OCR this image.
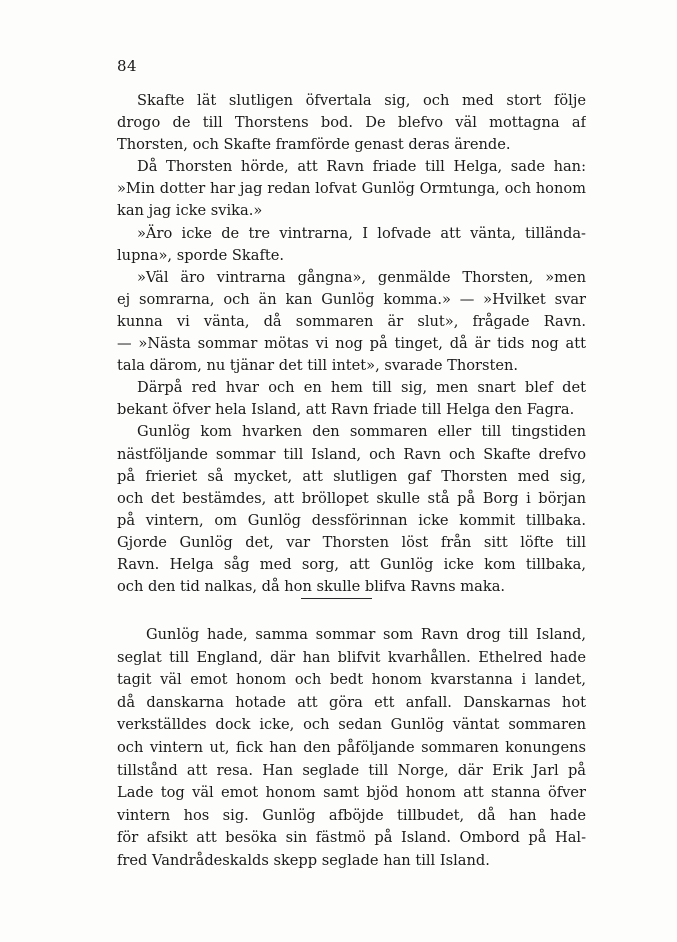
84
Skafte lät slutligen öfvertala sig, och med stort följe
drogo de till Thorstens bod. De blefvo väl mottagna af
Thorsten, och Skafte framförde genast deras ärende.
Då Thorsten hörde, att Ravn friade till Helga, sade han:
»Min dotter har jag redan lofvat Gunlög Ormtunga, och honom
kan jag icke svika.»
»Äro icke de tre vintrarna, I lofvade att vänta, tillända-
lupna», sporde Skafte.
»Väl äro vintrarna gångna», genmälde Thorsten, »men
ej somrarna, och än kan Gunlög komma.» — »Hvilket svar
kunna vi vänta, då sommaren är slut», frågade Ravn.
— »Nästa sommar mötas vi nog på tinget, då är tids nog att
tala därom, nu tjänar det till intet», svarade Thorsten.
Därpå red hvar och en hem till sig, men snart blef det
bekant öfver hela Island, att Ravn friade till Helga den Fagra.
Gunlög kom hvarken den sommaren eller till tingstiden
nästföljande sommar till Island, och Ravn och Skafte drefvo
på frieriet så mycket, att slutligen gaf Thorsten med sig,
och det bestämdes, att bröllopet skulle stå på Borg i början
på vintern, om Gunlög dessförinnan icke kommit tillbaka.
Gjorde Gunlög det, var Thorsten löst från sitt löfte till
Ravn. Helga såg med sorg, att Gunlög icke kom tillbaka,
och den tid nalkas, då hon skulle blifva Ravns maka.
Gunlög hade, samma sommar som Ravn drog till Island,
seglat till England, där han blifvit kvarhållen. Ethelred hade
tagit väl emot honom och bedt honom kvarstanna i landet,
då danskarna hotade att göra ett anfall. Danskarnas hot
verkställdes dock icke, och sedan Gunlög väntat sommaren
och vintern ut, fick han den påföljande sommaren konungens
tillstånd att resa. Han seglade till Norge, där Erik Jarl på
Lade tog väl emot honom samt bjöd honom att stanna öfver
vintern hos sig. Gunlög afböjde tillbudet, då han hade
för afsikt att besöka sin fästmö på Island. Ombord på Hal-
fred Vandrådeskalds skepp seglade han till Island.
